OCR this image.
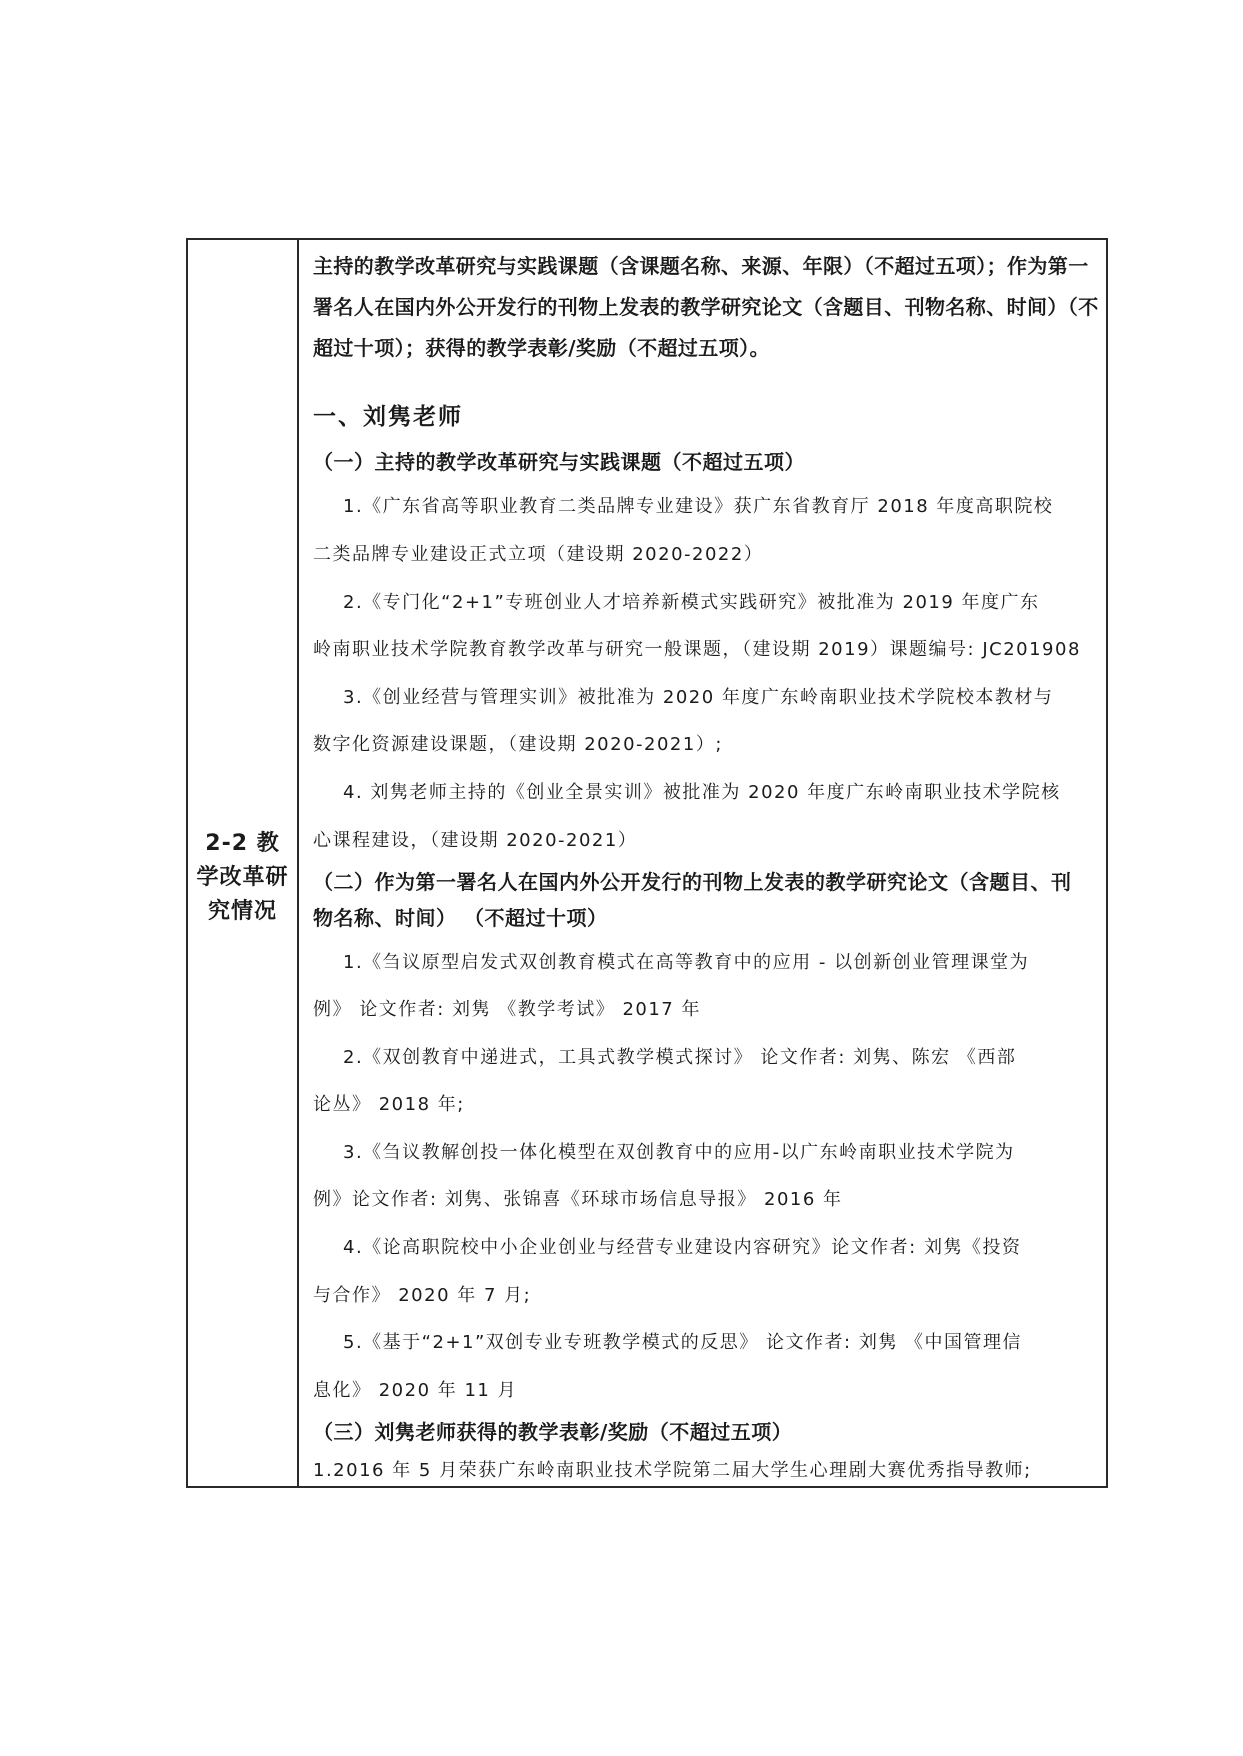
2-2 教学改革研究情况
主持的教学改革研究与实践课题（含课题名称、来源、年限）（不超过五项）；作为第一署名人在国内外公开发行的刊物上发表的教学研究论文（含题目、刊物名称、时间）（不超过十项）；获得的教学表彰/奖励（不超过五项）。
一、刘隽老师
（一）主持的教学改革研究与实践课题（不超过五项）
1.《广东省高等职业教育二类品牌专业建设》获广东省教育厅 2018 年度高职院校
二类品牌专业建设正式立项（建设期 2020-2022）
2.《专门化“2+1”专班创业人才培养新模式实践研究》被批准为 2019 年度广东
岭南职业技术学院教育教学改革与研究一般课题，（建设期 2019）课题编号: JC201908
3.《创业经营与管理实训》被批准为 2020 年度广东岭南职业技术学院校本教材与
数字化资源建设课题，（建设期 2020-2021）;
4. 刘隽老师主持的《创业全景实训》被批准为 2020 年度广东岭南职业技术学院核
心课程建设，（建设期 2020-2021）
（二）作为第一署名人在国内外公开发行的刊物上发表的教学研究论文（含题目、刊
物名称、时间） （不超过十项）
1.《刍议原型启发式双创教育模式在高等教育中的应用 - 以创新创业管理课堂为
例》 论文作者: 刘隽 《教学考试》 2017 年
2.《双创教育中递进式，工具式教学模式探讨》 论文作者: 刘隽、陈宏 《西部
论丛》 2018 年;
3.《刍议教解创投一体化模型在双创教育中的应用-以广东岭南职业技术学院为
例》论文作者: 刘隽、张锦喜《环球市场信息导报》 2016 年
4.《论高职院校中小企业创业与经营专业建设内容研究》论文作者: 刘隽《投资
与合作》 2020 年 7 月;
5.《基于“2+1”双创专业专班教学模式的反思》 论文作者: 刘隽 《中国管理信
息化》 2020 年 11 月
（三）刘隽老师获得的教学表彰/奖励（不超过五项）
1.2016 年 5 月荣获广东岭南职业技术学院第二届大学生心理剧大赛优秀指导教师;
